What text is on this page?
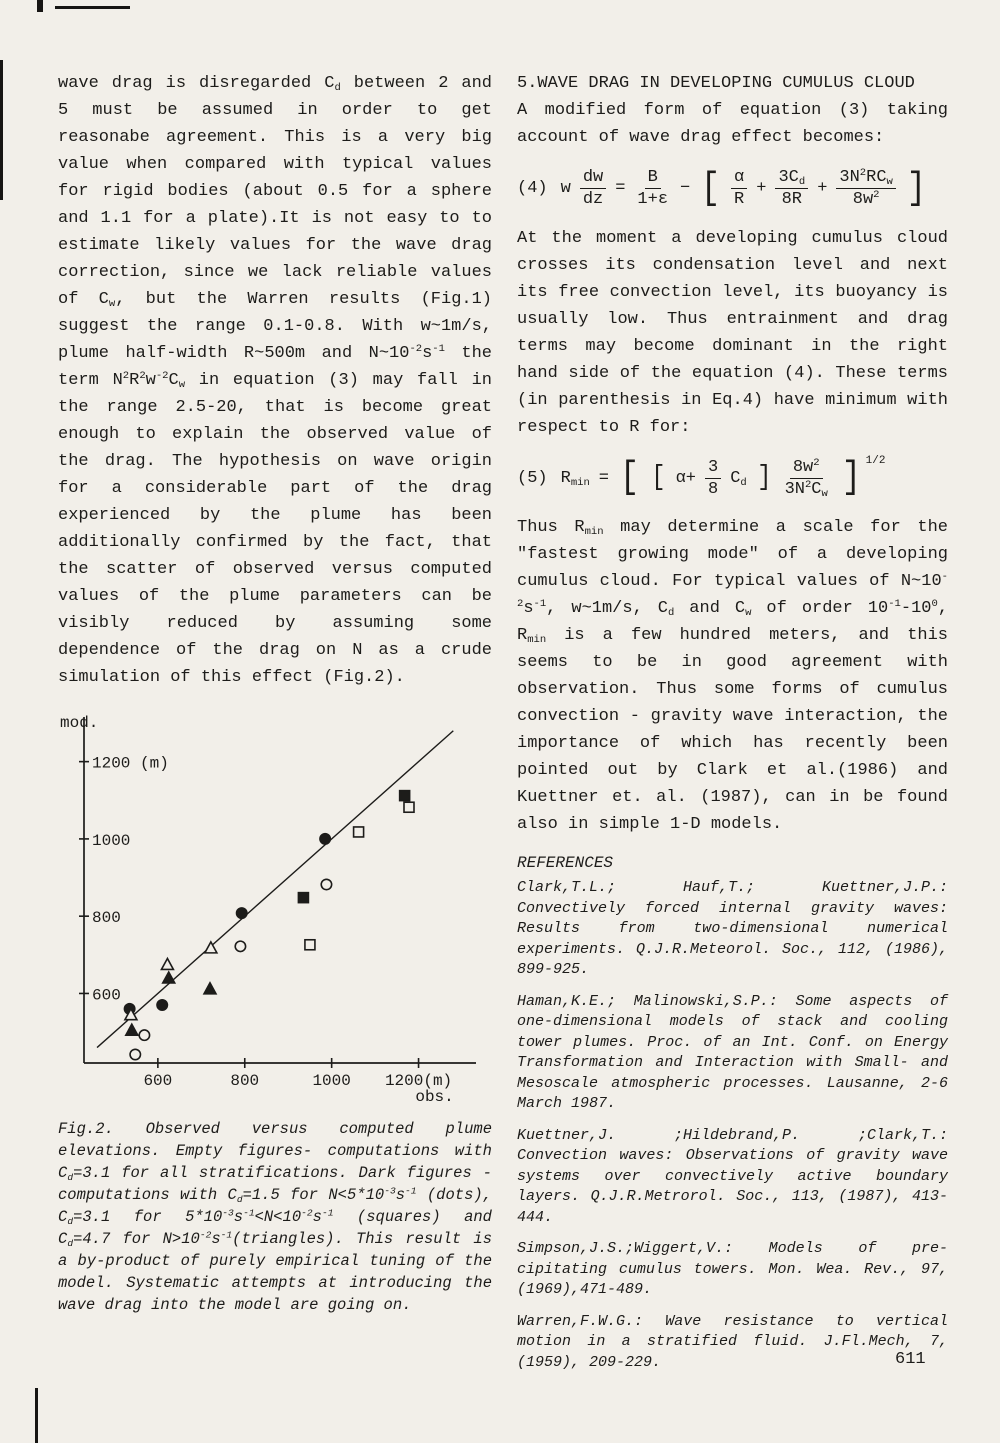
wave drag is disregarded $C_d$ between 2 and 5 must be assumed in order to get reasonabe agreement. This is a very big value when compared with typical values for rigid bodies (about 0.5 for a sphere and 1.1 for a plate).It is not easy to to estimate likely values for the wave drag correction, since we lack reliable values of $C_w$, but the Warren results (Fig.1) suggest the range 0.1-0.8. With w~1m/s, plume half-width R~500m and $N\sim 10^{-2}s^{-1}$ the term $N^2R^2w^{-2}C_w$ in equation (3) may fall in the range 2.5-20, that is become great enough to explain the observed value of the drag. The hypothesis on wave origin for a considerable part of the drag experienced by the plume has been additionally confirmed by the fact, that the scatter of observed versus computed values of the plume parameters can be visibly reduced by assuming some dependence of the drag on N as a crude simulation of this effect (Fig.2).

600
800
1000
1200 (m)
mod.
600	800	1000 1200(m)
obs.

Fig.2. Observed versus computed plume elevations. Empty figures- computations with $C_d=3.1$ for all stratifications. Dark figures - computations with $C_d=1.5$ for $N<5*10^{-3}s^{-1}$ (dots), $C_d=3.1$ for $5*10^{-3}s^{-1}<N<10^{-2}s^{-1}$ (squares) and $C_d=4.7$ for $N>10^{-2}s^{-1}(triangles)$. This result is a by-product of purely empirical tuning of the model. Systematic attempts at introducing the wave drag into the model are going on.

5.WAVE DRAG IN DEVELOPING CUMULUS CLOUD

A modified form of equation (3) taking account of wave drag effect becomes:

(4) w $\frac{dw}{dz} = \frac{B}{1+\varepsilon}$ − [ $\frac{\alpha}{R} + \frac{3C_d}{8R} + \frac{3N^2RC_w}{8w^2}$ ]

At the moment a developing cumulus cloud crosses its condensation level and next its free convection level, its buoyancy is usually low. Thus entrainment and drag terms may become dominant in the right hand side of the equation (4). These terms (in parenthesis in Eq.4) have minimum with respect to R for:

(5) $R_{min}$ = [ [ $\alpha+ \frac{3}{8} C_d$ ] $\frac{8w^2}{3N^2C_w}$ ] 1/2

Thus $R_{min}$ may determine a scale for the "fastest growing mode" of a developing cumulus cloud. For typical values of $N\sim 10^{-2}s^{-1}$, w~1m/s, $C_d$ and $C_w$ of order $10^{-1}-10^0$, $R_{min}$ is a few hundred meters, and this seems to be in good agreement with observation. Thus some forms of cumulus convection - gravity wave interaction, the importance of which has recently been pointed out by Clark et al.(1986) and Kuettner et. al. (1987), can in be found also in simple 1-D models.

REFERENCES

Clark,T.L.; Hauf,T.; Kuettner,J.P.: Convectively forced internal gravity waves: Results from two-dimensional numerical experiments. Q.J.R.Meteorol. Soc., 112, (1986), 899-925.

Haman,K.E.; Malinowski,S.P.: Some aspects of one-dimensional models of stack and cooling tower plumes. Proc. of an Int. Conf. on Energy Transformation and Interaction with Small- and Mesoscale atmospheric processes. Lausanne, 2-6 March 1987.

Kuettner,J. ;Hildebrand,P. ;Clark,T.: Convection waves: Observations of gravity wave systems over convectively active boundary layers. Q.J.R.Metrorol. Soc., 113, (1987), 413-444.

Simpson,J.S.;Wiggert,V.: Models of pre-cipitating cumulus towers. Mon. Wea. Rev., 97,(1969),471-489.

Warren,F.W.G.: Wave resistance to vertical motion in a stratified fluid. J.Fl.Mech, 7, (1959), 209-229.	611
